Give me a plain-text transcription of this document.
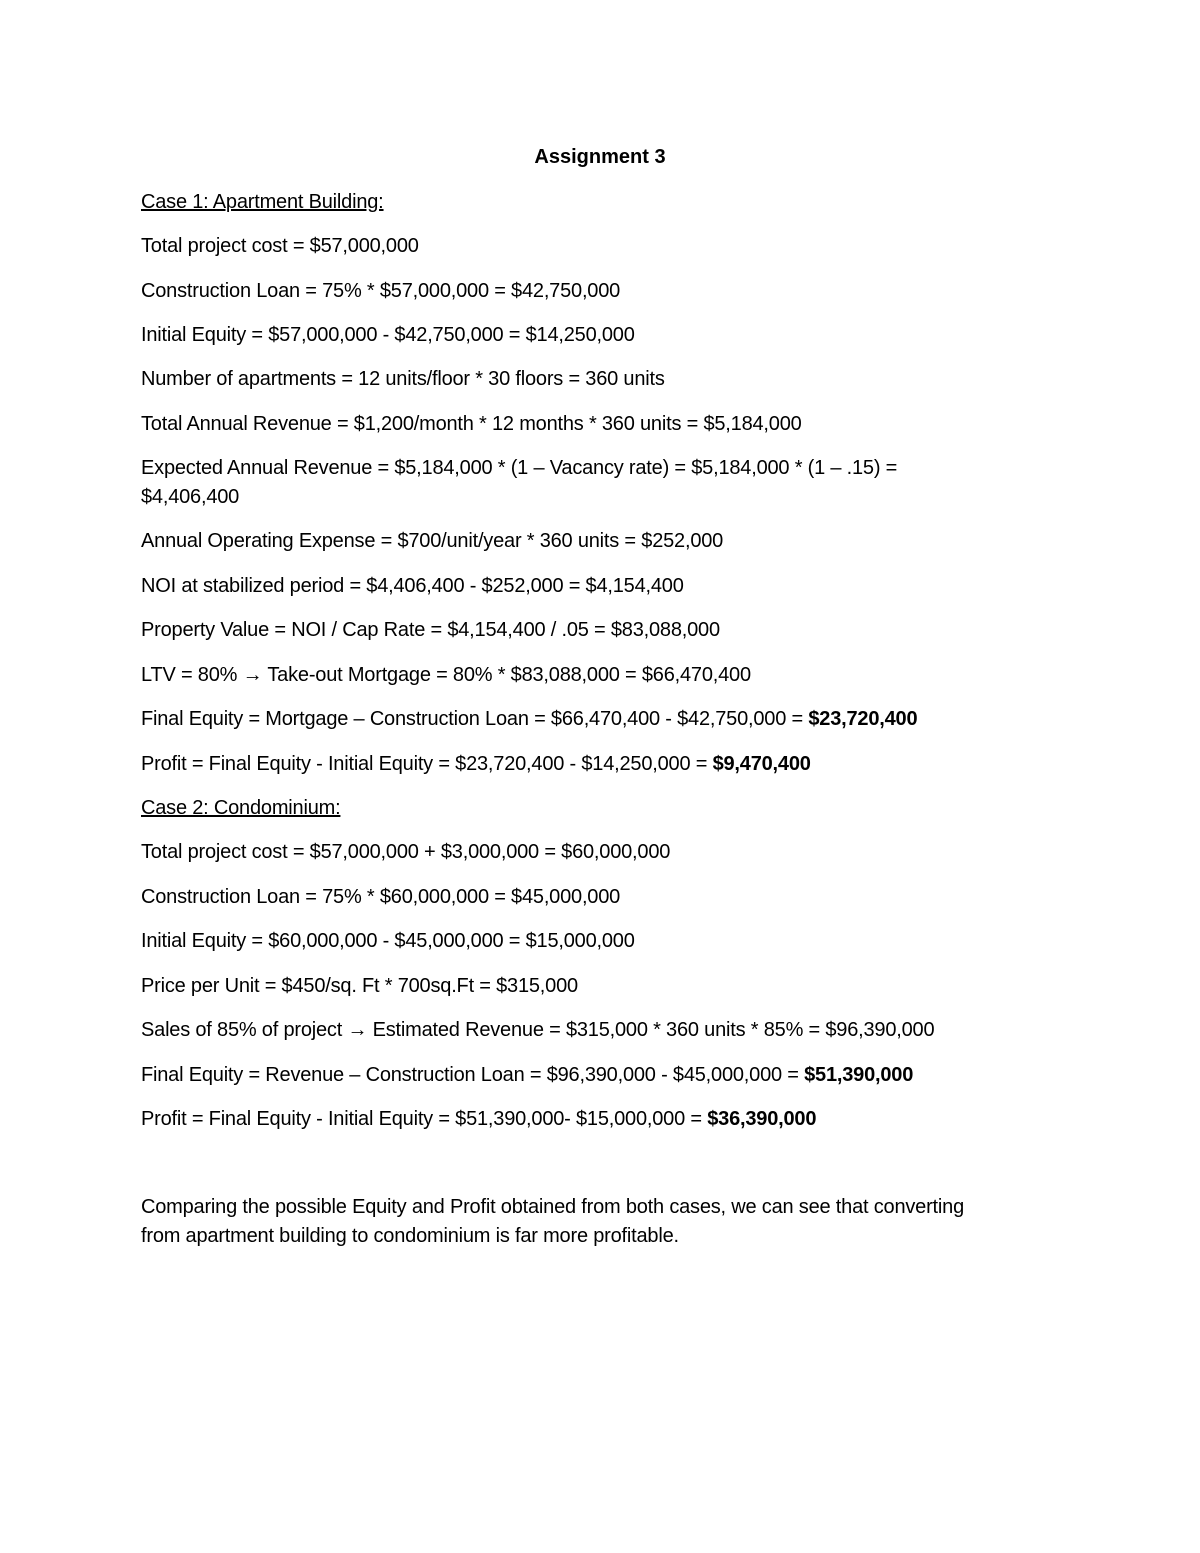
Assignment 3
Case 1: Apartment Building:
Total project cost = $57,000,000
Construction Loan = 75% * $57,000,000 = $42,750,000
Initial Equity = $57,000,000 - $42,750,000 = $14,250,000
Number of apartments = 12 units/floor * 30 floors = 360 units
Total Annual Revenue = $1,200/month * 12 months * 360 units = $5,184,000
Expected Annual Revenue = $5,184,000 * (1 – Vacancy rate) = $5,184,000 * (1 – .15) =
$4,406,400
Annual Operating Expense = $700/unit/year * 360 units = $252,000
NOI at stabilized period = $4,406,400 - $252,000 = $4,154,400
Property Value = NOI / Cap Rate = $4,154,400 / .05 = $83,088,000
LTV = 80% → Take-out Mortgage = 80% * $83,088,000 = $66,470,400
Final Equity = Mortgage – Construction Loan = $66,470,400 - $42,750,000 = $23,720,400
Profit = Final Equity - Initial Equity = $23,720,400 - $14,250,000 = $9,470,400
Case 2: Condominium:
Total project cost = $57,000,000 + $3,000,000 = $60,000,000
Construction Loan = 75% * $60,000,000 = $45,000,000
Initial Equity = $60,000,000 - $45,000,000 = $15,000,000
Price per Unit = $450/sq. Ft * 700sq.Ft = $315,000
Sales of 85% of project → Estimated Revenue = $315,000 * 360 units * 85% = $96,390,000
Final Equity = Revenue – Construction Loan = $96,390,000 - $45,000,000 = $51,390,000
Profit = Final Equity - Initial Equity = $51,390,000- $15,000,000 = $36,390,000
Comparing the possible Equity and Profit obtained from both cases, we can see that converting
from apartment building to condominium is far more profitable.
